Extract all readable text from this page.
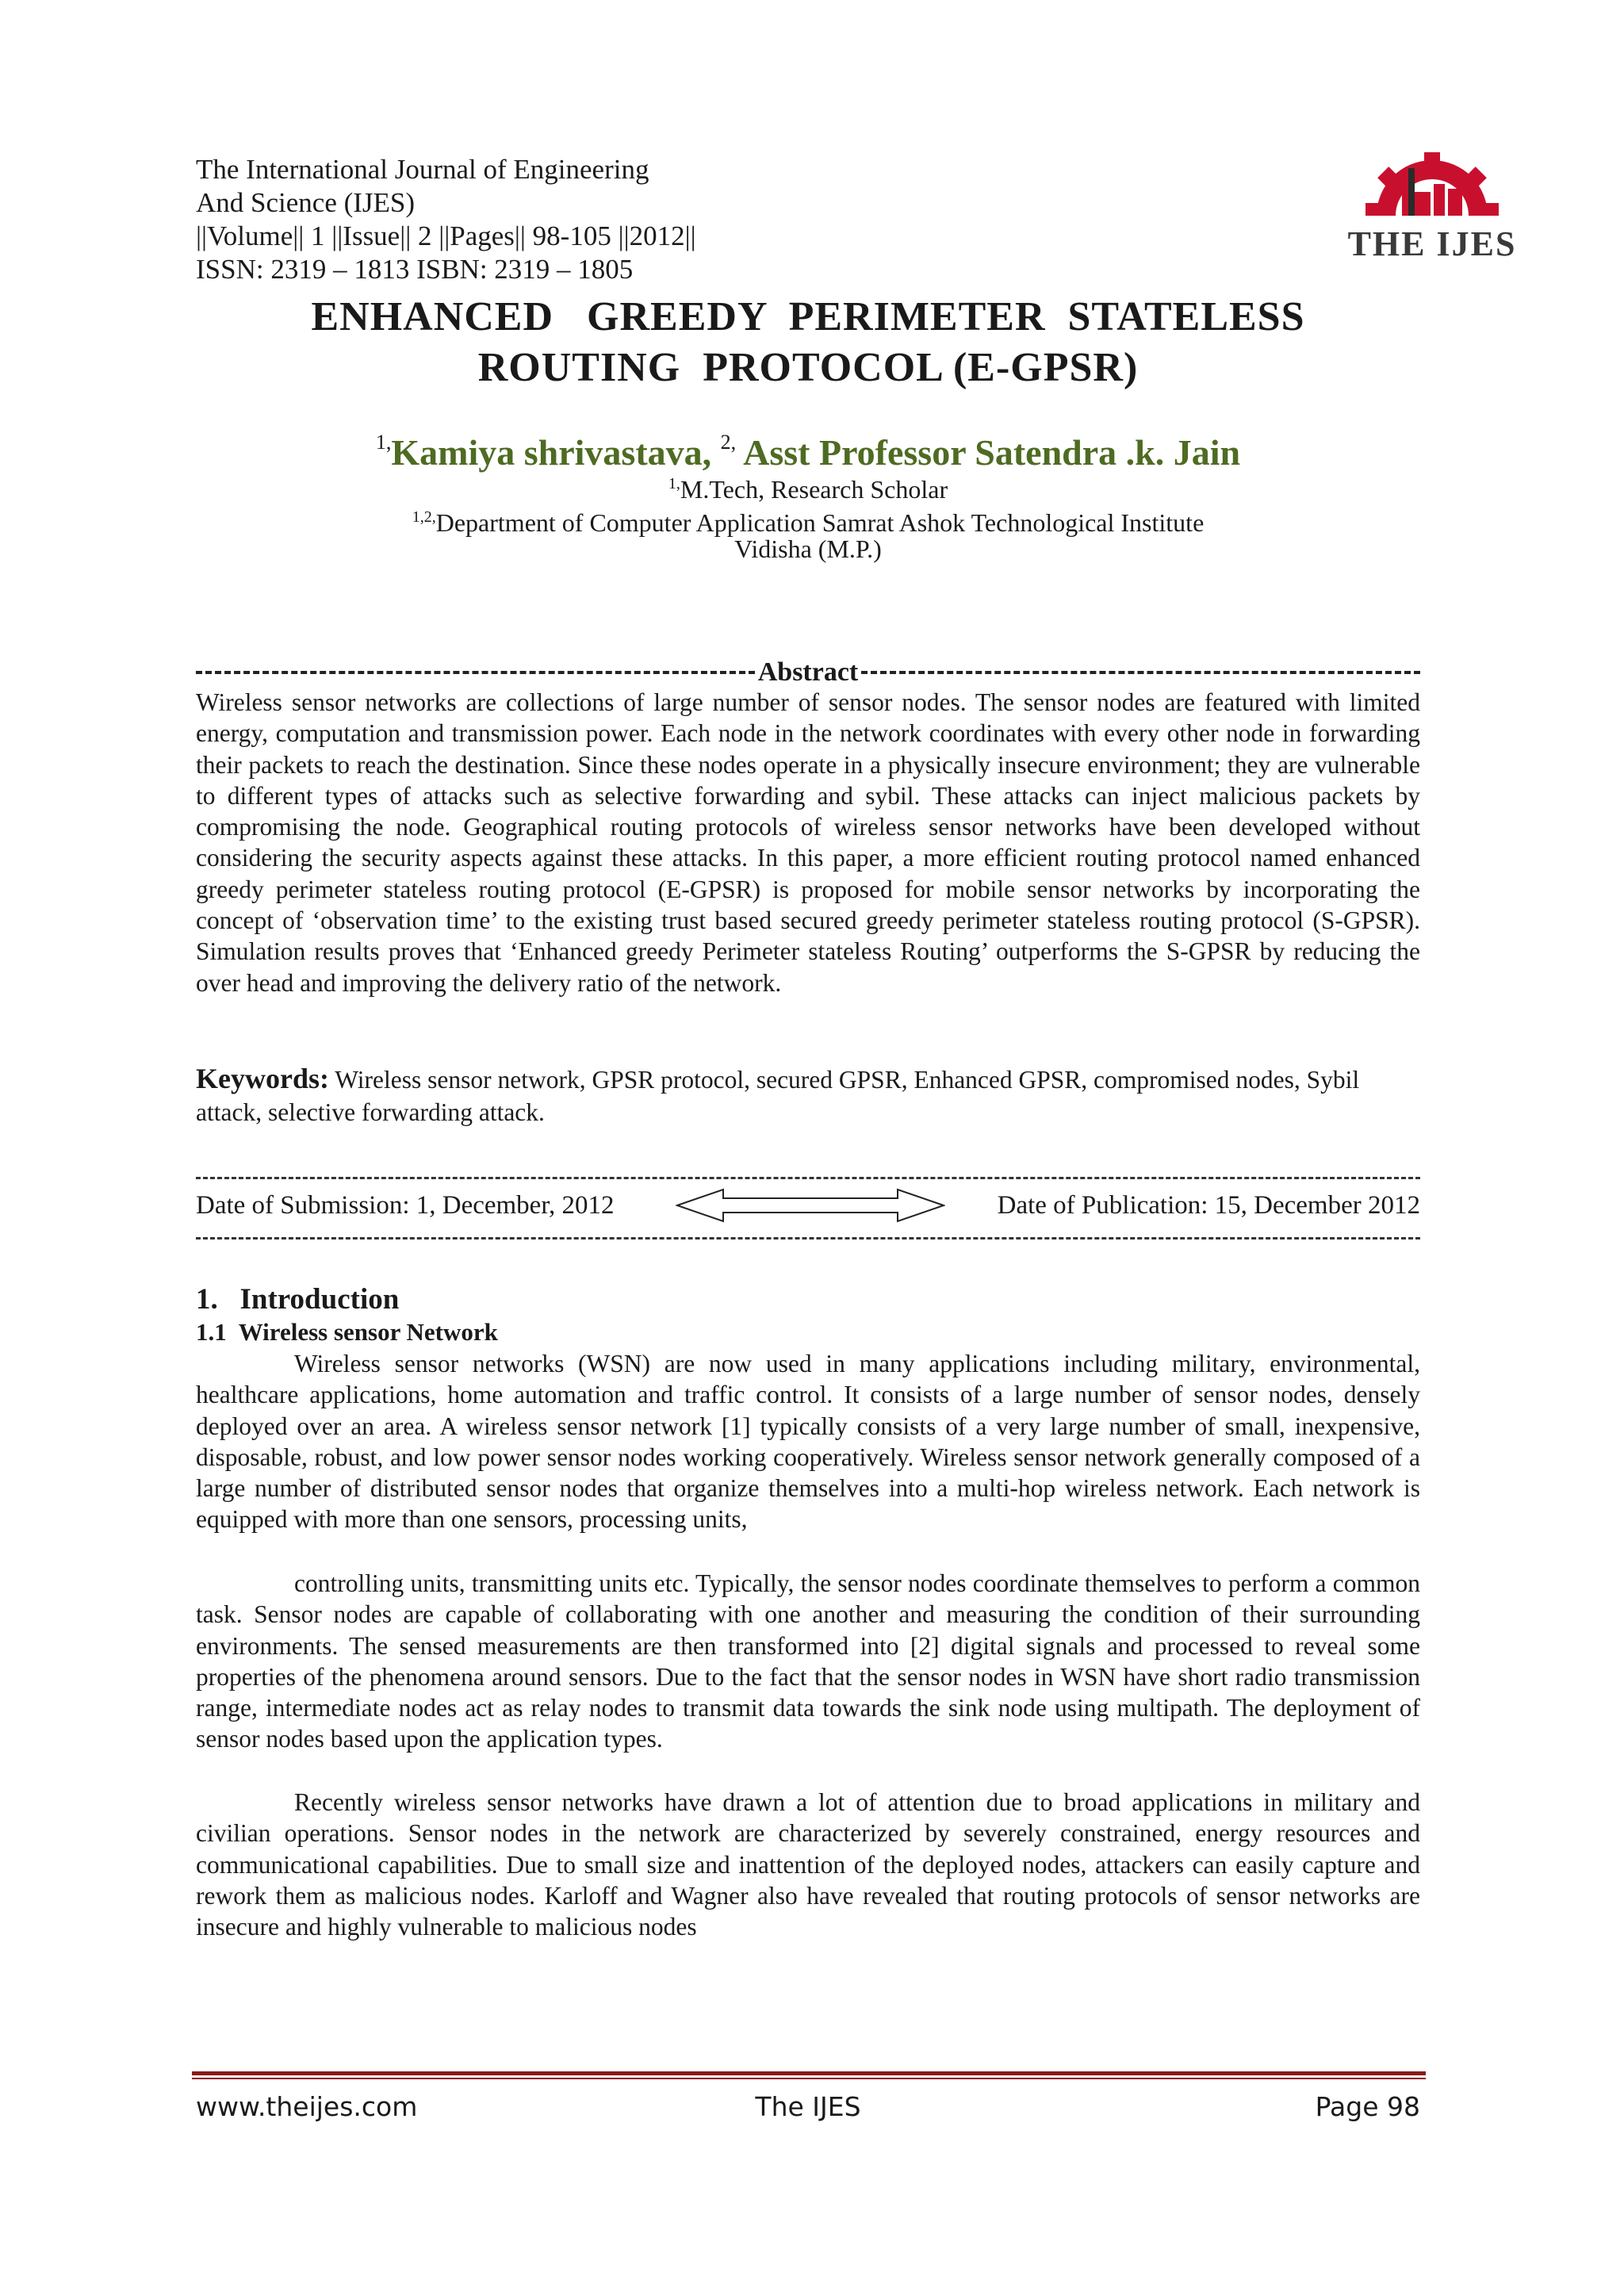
The International Journal of Engineering
And Science (IJES)
||Volume|| 1 ||Issue|| 2 ||Pages|| 98-105 ||2012||
ISSN: 2319 – 1813 ISBN: 2319 – 1805
THE IJES
ENHANCED   GREEDY  PERIMETER  STATELESS
ROUTING  PROTOCOL (E-GPSR)
$^{1,}$Kamiya shrivastava, $^{2,}$ Asst Professor Satendra .k. Jain
$^{1,}$M.Tech, Research Scholar
$^{1,2,}$Department of Computer Application Samrat Ashok Technological Institute
Vidisha (M.P.)
Abstract
Wireless sensor networks are collections of large number of sensor nodes. The sensor nodes are featured with limited energy, computation and transmission power. Each node in the network coordinates with every other node in forwarding their packets to reach the destination. Since these nodes operate in a physically insecure environment; they are vulnerable to different types of attacks such as selective forwarding and sybil. These attacks can inject malicious packets by compromising the node. Geographical routing protocols of wireless sensor networks have been developed without considering the security aspects against these attacks. In this paper, a more efficient routing protocol named enhanced greedy perimeter stateless routing protocol (E-GPSR) is proposed for mobile sensor networks by incorporating the concept of ‘observation time’ to the existing trust based secured greedy perimeter stateless routing protocol (S-GPSR). Simulation results proves that ‘Enhanced greedy Perimeter stateless Routing’ outperforms the S-GPSR by reducing the over head and improving the delivery ratio of the network.
Keywords: Wireless sensor network, GPSR protocol, secured GPSR, Enhanced GPSR, compromised nodes, Sybil attack, selective forwarding attack.
Date of Submission: 1, December, 2012	Date of Publication: 15, December 2012
1.   Introduction
1.1  Wireless sensor Network
Wireless sensor networks (WSN) are now used in many applications including military, environmental, healthcare applications, home automation and traffic control. It consists of a large number of sensor nodes, densely deployed over an area. A wireless sensor network [1] typically consists of a very large number of small, inexpensive, disposable, robust, and low power sensor nodes working cooperatively. Wireless sensor network generally composed of a large number of distributed sensor nodes that organize themselves into a multi-hop wireless network. Each network is equipped with more than one sensors, processing units,
controlling units, transmitting units etc. Typically, the sensor nodes coordinate themselves to perform a common task. Sensor nodes are capable of collaborating with one another and measuring the condition of their surrounding environments. The sensed measurements are then transformed into [2] digital signals and processed to reveal some properties of the phenomena around sensors. Due to the fact that the sensor nodes in WSN have short radio transmission range, intermediate nodes act as relay nodes to transmit data towards the sink node using multipath. The deployment of sensor nodes based upon the application types.
Recently wireless sensor networks have drawn a lot of attention due to broad applications in military and civilian operations. Sensor nodes in the network are characterized by severely constrained, energy resources and communicational capabilities. Due to small size and inattention of the deployed nodes, attackers can easily capture and rework them as malicious nodes. Karloff and Wagner also have revealed that routing protocols of sensor networks are insecure and highly vulnerable to malicious nodes
www.theijes.com	The IJES	Page 98
